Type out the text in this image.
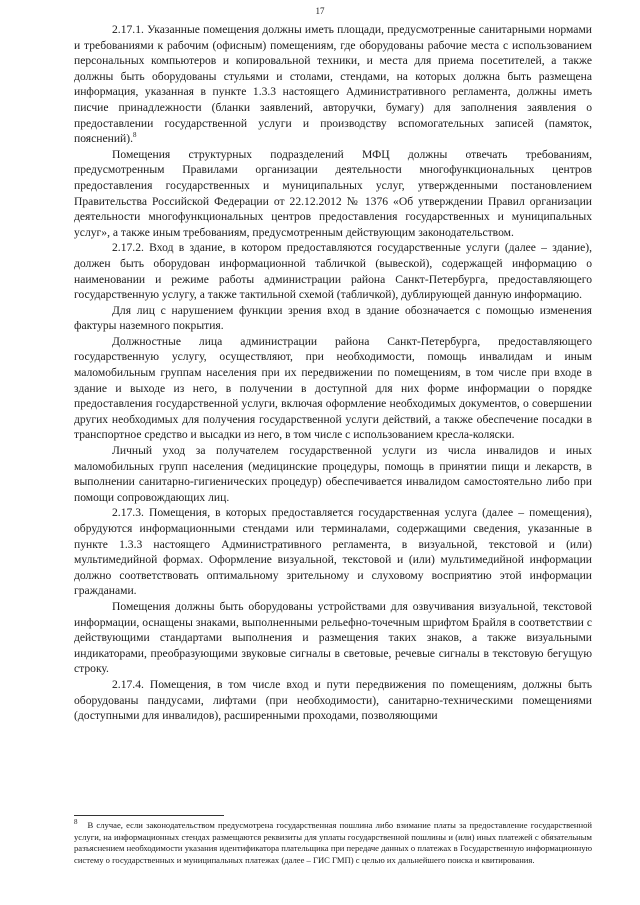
17

2.17.1. Указанные помещения должны иметь площади, предусмотренные санитарными нормами и требованиями к рабочим (офисным) помещениям, где оборудованы рабочие места с использованием персональных компьютеров и копировальной техники, и места для приема посетителей, а также должны быть оборудованы стульями и столами, стендами, на которых должна быть размещена информация, указанная в пункте 1.3.3 настоящего Административного регламента, должны иметь писчие принадлежности (бланки заявлений, авторучки, бумагу) для заполнения заявления о предоставлении государственной услуги и производству вспомогательных записей (памяток, пояснений).$^8$

Помещения структурных подразделений МФЦ должны отвечать требованиям, предусмотренным Правилами организации деятельности многофункциональных центров предоставления государственных и муниципальных услуг, утвержденными постановлением Правительства Российской Федерации от 22.12.2012 № 1376 «Об утверждении Правил организации деятельности многофункциональных центров предоставления государственных и муниципальных услуг», а также иным требованиям, предусмотренным действующим законодательством.

2.17.2. Вход в здание, в котором предоставляются государственные услуги (далее – здание), должен быть оборудован информационной табличкой (вывеской), содержащей информацию о наименовании и режиме работы администрации района Санкт-Петербурга, предоставляющего государственную услугу, а также тактильной схемой (табличкой), дублирующей данную информацию.

Для лиц с нарушением функции зрения вход в здание обозначается с помощью изменения фактуры наземного покрытия.

Должностные лица администрации района Санкт-Петербурга, предоставляющего государственную услугу, осуществляют, при необходимости, помощь инвалидам и иным маломобильным группам населения при их передвижении по помещениям, в том числе при входе в здание и выходе из него, в получении в доступной для них форме информации о порядке предоставления государственной услуги, включая оформление необходимых документов, о совершении других необходимых для получения государственной услуги действий, а также обеспечение посадки в транспортное средство и высадки из него, в том числе с использованием кресла-коляски.

Личный уход за получателем государственной услуги из числа инвалидов и иных маломобильных групп населения (медицинские процедуры, помощь в принятии пищи и лекарств, в выполнении санитарно-гигиенических процедур) обеспечивается инвалидом самостоятельно либо при помощи сопровождающих лиц.

2.17.3. Помещения, в которых предоставляется государственная услуга (далее – помещения), обрудуются информационными стендами или терминалами, содержащими сведения, указанные в пункте 1.3.3 настоящего Административного регламента, в визуальной, текстовой и (или) мультимедийной формах. Оформление визуальной, текстовой и (или) мультимедийной информации должно соответствовать оптимальному зрительному и слуховому восприятию этой информации гражданами.

Помещения должны быть оборудованы устройствами для озвучивания визуальной, текстовой информации, оснащены знаками, выполненными рельефно-точечным шрифтом Брайля в соответствии с действующими стандартами выполнения и размещения таких знаков, а также визуальными индикаторами, преобразующими звуковые сигналы в световые, речевые сигналы в текстовую бегущую строку.

2.17.4. Помещения, в том числе вход и пути передвижения по помещениям, должны быть оборудованы пандусами, лифтами (при необходимости), санитарно-техническими помещениями (доступными для инвалидов), расширенными проходами, позволяющими

$^8$ В случае, если законодательством предусмотрена государственная пошлина либо взимание платы за предоставление государственной услуги, на информационных стендах размещаются реквизиты для уплаты государственной пошлины и (или) иных платежей с обязательным разъяснением необходимости указания идентификатора плательщика при передаче данных о платежах в Государственную информационную систему о государственных и муниципальных платежах (далее – ГИС ГМП) с целью их дальнейшего поиска и квитирования.
